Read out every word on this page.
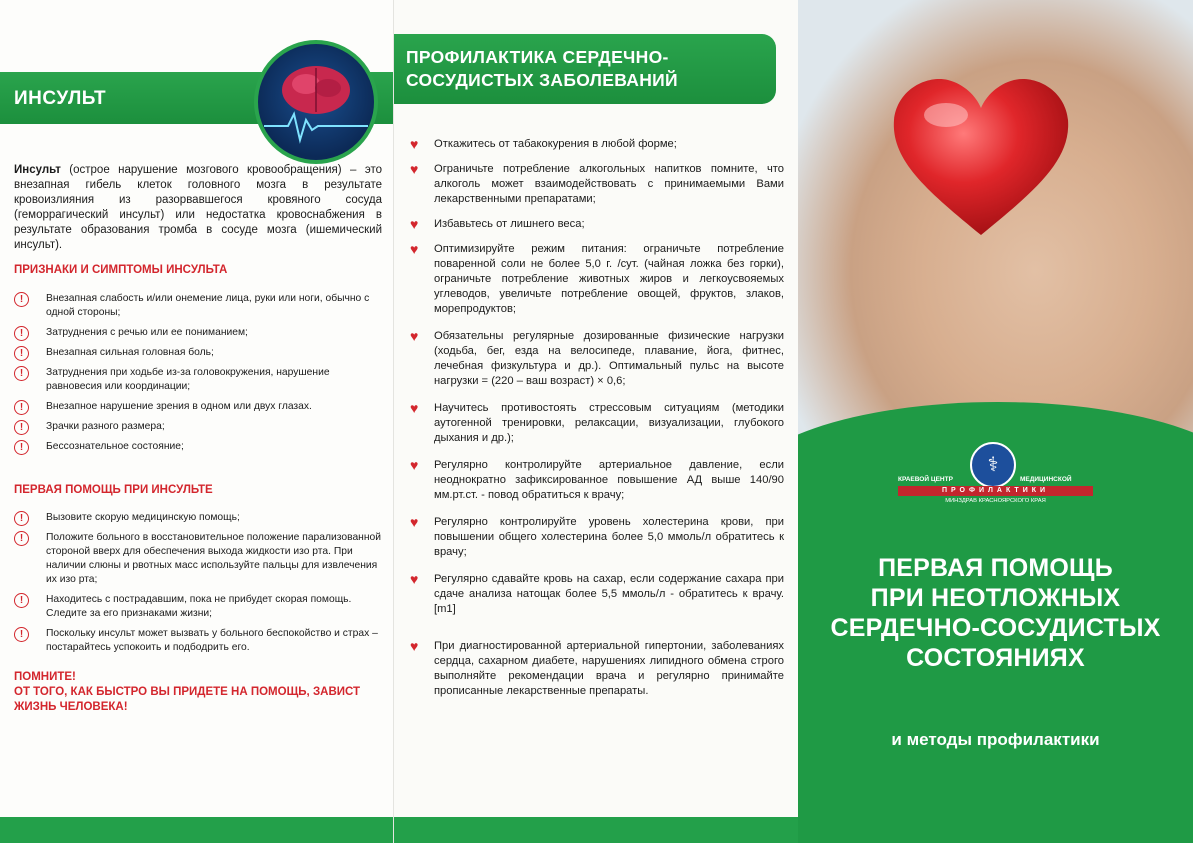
ИНСУЛЬТ
Инсульт (острое нарушение мозгового кровообращения) – это внезапная гибель клеток головного мозга в результате кровоизлияния из разорвавшегося кровяного сосуда (геморрагический инсульт) или недостатка кровоснабжения в результате образования тромба в сосуде мозга (ишемический инсульт).
ПРИЗНАКИ И СИМПТОМЫ ИНСУЛЬТА
!	Внезапная слабость и/или онемение лица, руки или ноги, обычно с одной стороны;
!	Затруднения с речью или ее пониманием;
!	Внезапная сильная головная боль;
!	Затруднения при ходьбе из-за головокружения, нарушение равновесия или координации;
!	Внезапное нарушение зрения в одном или двух глазах.
!	Зрачки разного размера;
!	Бессознательное состояние;
ПЕРВАЯ ПОМОЩЬ ПРИ ИНСУЛЬТЕ
!	Вызовите скорую медицинскую помощь;
!	Положите больного в восстановительное положение парализованной стороной вверх для обеспечения выхода жидкости изо рта. При наличии слюны и рвотных масс используйте пальцы для извлечения их изо рта;
!	Находитесь с пострадавшим, пока не прибудет скорая помощь. Следите за его признаками жизни;
!	Поскольку инсульт может вызвать у больного беспокойство и страх – постарайтесь успокоить и подбодрить его.
ПОМНИТЕ!
ОТ ТОГО, КАК БЫСТРО ВЫ ПРИДЕТЕ НА ПОМОЩЬ, ЗАВИСТ ЖИЗНЬ ЧЕЛОВЕКА!
ПРОФИЛАКТИКА СЕРДЕЧНО-
СОСУДИСТЫХ ЗАБОЛЕВАНИЙ
♥ Откажитесь от табакокурения в любой форме;
♥ Ограничьте потребление алкогольных напитков помните, что алкоголь может взаимодействовать с принимаемыми Вами лекарственными препаратами;
♥ Избавьтесь от лишнего веса;
♥ Оптимизируйте режим питания: ограничьте потребление поваренной соли не более 5,0 г. /сут. (чайная ложка без горки), ограничьте потребление животных жиров и легкоусвояемых углеводов, увеличьте потребление овощей, фруктов, злаков, морепродуктов;
♥ Обязательны регулярные дозированные физические нагрузки (ходьба, бег, езда на велосипеде, плавание, йога, фитнес, лечебная физкультура и др.). Оптимальный пульс на высоте нагрузки = (220 – ваш возраст) × 0,6;
♥ Научитесь противостоять стрессовым ситуациям (методики аутогенной тренировки, релаксации, визуализации, глубокого дыхания и др.);
♥ Регулярно контролируйте артериальное давление, если неоднократно зафиксированное повышение АД выше 140/90 мм.рт.ст. - повод обратиться к врачу;
♥ Регулярно контролируйте уровень холестерина крови, при повышении общего холестерина более 5,0 ммоль/л обратитесь к врачу;
♥ Регулярно сдавайте кровь на сахар, если содержание сахара при сдаче анализа натощак более 5,5 ммоль/л - обратитесь к врачу.[m1]
♥ При диагностированной артериальной гипертонии, заболеваниях сердца, сахарном диабете, нарушениях липидного обмена строго выполняйте рекомендации врача и регулярно принимайте прописанные лекарственные препараты.
⚕
КРАЕВОЙ ЦЕНТР	МЕДИЦИНСКОЙ
ПРОФИЛАКТИКИ
МИНЗДРАВ КРАСНОЯРСКОГО КРАЯ
ПЕРВАЯ ПОМОЩЬ
ПРИ НЕОТЛОЖНЫХ
СЕРДЕЧНО-СОСУДИСТЫХ
СОСТОЯНИЯХ
и методы профилактики
